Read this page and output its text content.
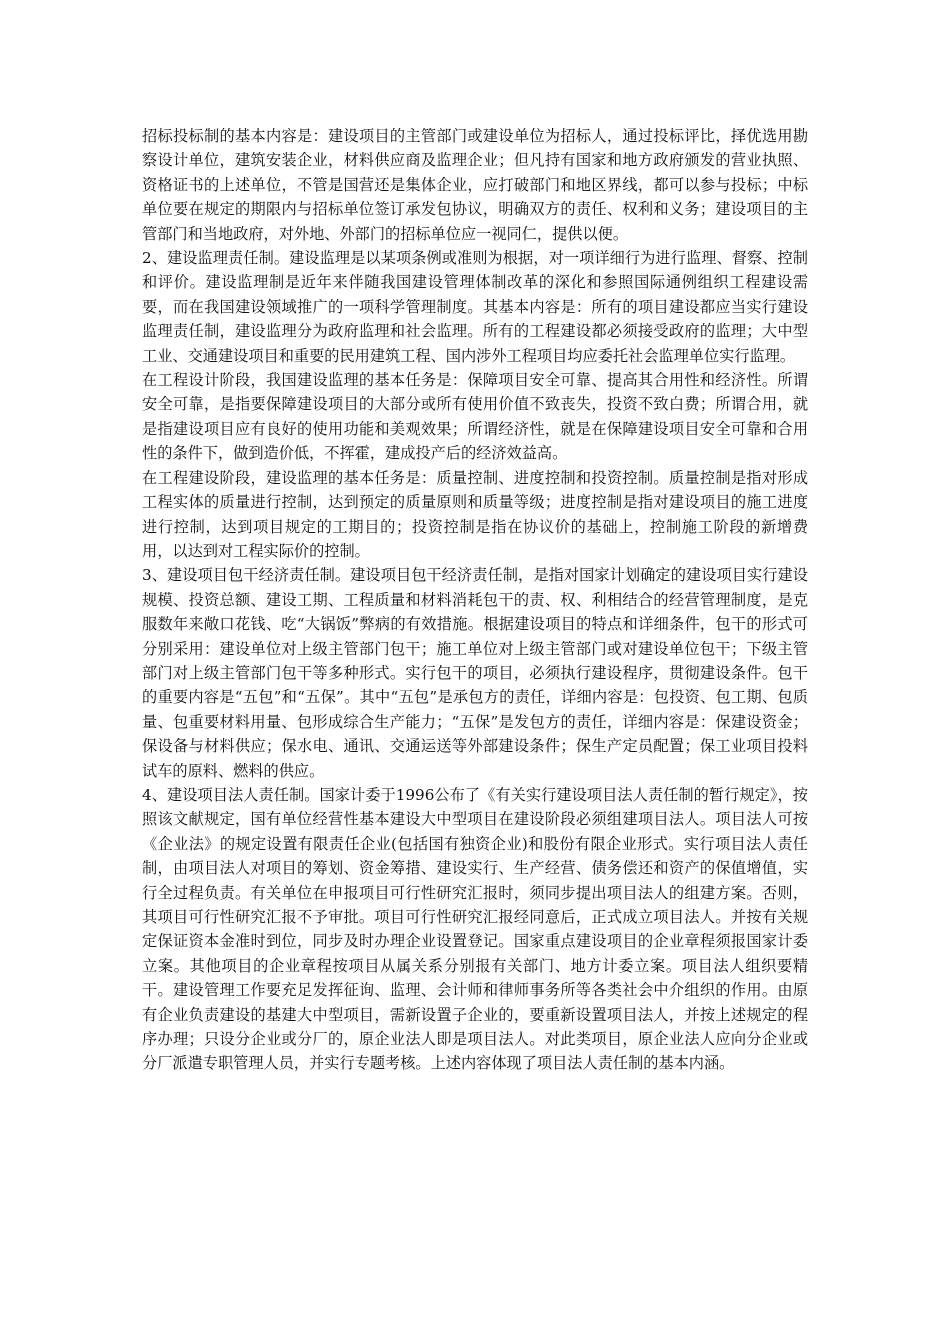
招标投标制的基本内容是：建设项目的主管部门或建设单位为招标人，通过投标评比，择优选用勘察设计单位，建筑安装企业，材料供应商及监理企业；但凡持有国家和地方政府颁发的营业执照、资格证书的上述单位，不管是国营还是集体企业，应打破部门和地区界线，都可以参与投标；中标单位要在规定的期限内与招标单位签订承发包协议，明确双方的责任、权利和义务；建设项目的主管部门和当地政府，对外地、外部门的招标单位应一视同仁，提供以便。

2、建设监理责任制。建设监理是以某项条例或准则为根据，对一项详细行为进行监理、督察、控制和评价。建设监理制是近年来伴随我国建设管理体制改革的深化和参照国际通例组织工程建设需要，而在我国建设领域推广的一项科学管理制度。其基本内容是：所有的项目建设都应当实行建设监理责任制，建设监理分为政府监理和社会监理。所有的工程建设都必须接受政府的监理；大中型工业、交通建设项目和重要的民用建筑工程、国内涉外工程项目均应委托社会监理单位实行监理。

在工程设计阶段，我国建设监理的基本任务是：保障项目安全可靠、提高其合用性和经济性。所谓安全可靠，是指要保障建设项目的大部分或所有使用价值不致丧失，投资不致白费；所谓合用，就是指建设项目应有良好的使用功能和美观效果；所谓经济性，就是在保障建设项目安全可靠和合用性的条件下，做到造价低，不挥霍，建成投产后的经济效益高。

在工程建设阶段，建设监理的基本任务是：质量控制、进度控制和投资控制。质量控制是指对形成工程实体的质量进行控制，达到预定的质量原则和质量等级；进度控制是指对建设项目的施工进度进行控制，达到项目规定的工期目的；投资控制是指在协议价的基础上，控制施工阶段的新增费用，以达到对工程实际价的控制。

3、建设项目包干经济责任制。建设项目包干经济责任制，是指对国家计划确定的建设项目实行建设规模、投资总额、建设工期、工程质量和材料消耗包干的责、权、利相结合的经营管理制度，是克服数年来敞口花钱、吃“大锅饭”弊病的有效措施。根据建设项目的特点和详细条件，包干的形式可分别采用：建设单位对上级主管部门包干；施工单位对上级主管部门或对建设单位包干；下级主管部门对上级主管部门包干等多种形式。实行包干的项目，必须执行建设程序，贯彻建设条件。包干的重要内容是“五包”和“五保”。其中“五包”是承包方的责任，详细内容是：包投资、包工期、包质量、包重要材料用量、包形成综合生产能力；“五保”是发包方的责任，详细内容是：保建设资金；保设备与材料供应；保水电、通讯、交通运送等外部建设条件；保生产定员配置；保工业项目投料试车的原料、燃料的供应。

4、建设项目法人责任制。国家计委于1996公布了《有关实行建设项目法人责任制的暂行规定》，按照该文献规定，国有单位经营性基本建设大中型项目在建设阶段必须组建项目法人。项目法人可按《企业法》的规定设置有限责任企业(包括国有独资企业)和股份有限企业形式。实行项目法人责任制，由项目法人对项目的筹划、资金筹措、建设实行、生产经营、债务偿还和资产的保值增值，实行全过程负责。有关单位在申报项目可行性研究汇报时，须同步提出项目法人的组建方案。否则，其项目可行性研究汇报不予审批。项目可行性研究汇报经同意后，正式成立项目法人。并按有关规定保证资本金准时到位，同步及时办理企业设置登记。国家重点建设项目的企业章程须报国家计委立案。其他项目的企业章程按项目从属关系分别报有关部门、地方计委立案。项目法人组织要精干。建设管理工作要充足发挥征询、监理、会计师和律师事务所等各类社会中介组织的作用。由原有企业负责建设的基建大中型项目，需新设置子企业的，要重新设置项目法人，并按上述规定的程序办理；只设分企业或分厂的，原企业法人即是项目法人。对此类项目，原企业法人应向分企业或分厂派遣专职管理人员，并实行专题考核。上述内容体现了项目法人责任制的基本内涵。
